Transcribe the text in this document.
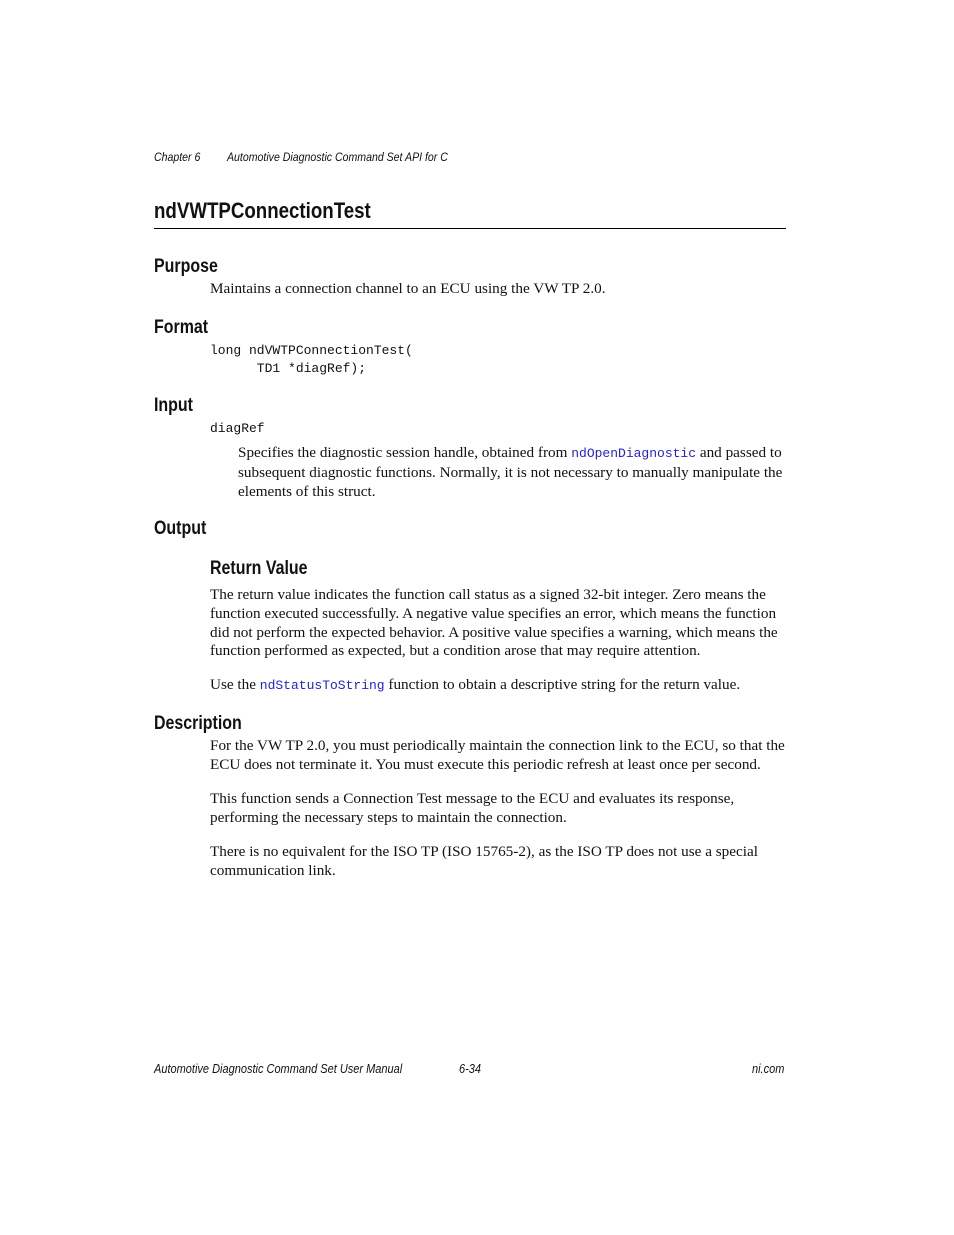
Chapter 6 Automotive Diagnostic Command Set API for C
ndVWTPConnectionTest
Purpose
Maintains a connection channel to an ECU using the VW TP 2.0.
Format
long ndVWTPConnectionTest(
TD1 *diagRef);
Input
diagRef
Specifies the diagnostic session handle, obtained from ndOpenDiagnostic and passed to subsequent diagnostic functions. Normally, it is not necessary to manually manipulate the elements of this struct.
Output
Return Value
The return value indicates the function call status as a signed 32-bit integer. Zero means the function executed successfully. A negative value specifies an error, which means the function did not perform the expected behavior. A positive value specifies a warning, which means the function performed as expected, but a condition arose that may require attention.
Use the ndStatusToString function to obtain a descriptive string for the return value.
Description
For the VW TP 2.0, you must periodically maintain the connection link to the ECU, so that the ECU does not terminate it. You must execute this periodic refresh at least once per second.
This function sends a Connection Test message to the ECU and evaluates its response, performing the necessary steps to maintain the connection.
There is no equivalent for the ISO TP (ISO 15765-2), as the ISO TP does not use a special communication link.
Automotive Diagnostic Command Set User Manual	6-34	ni.com
